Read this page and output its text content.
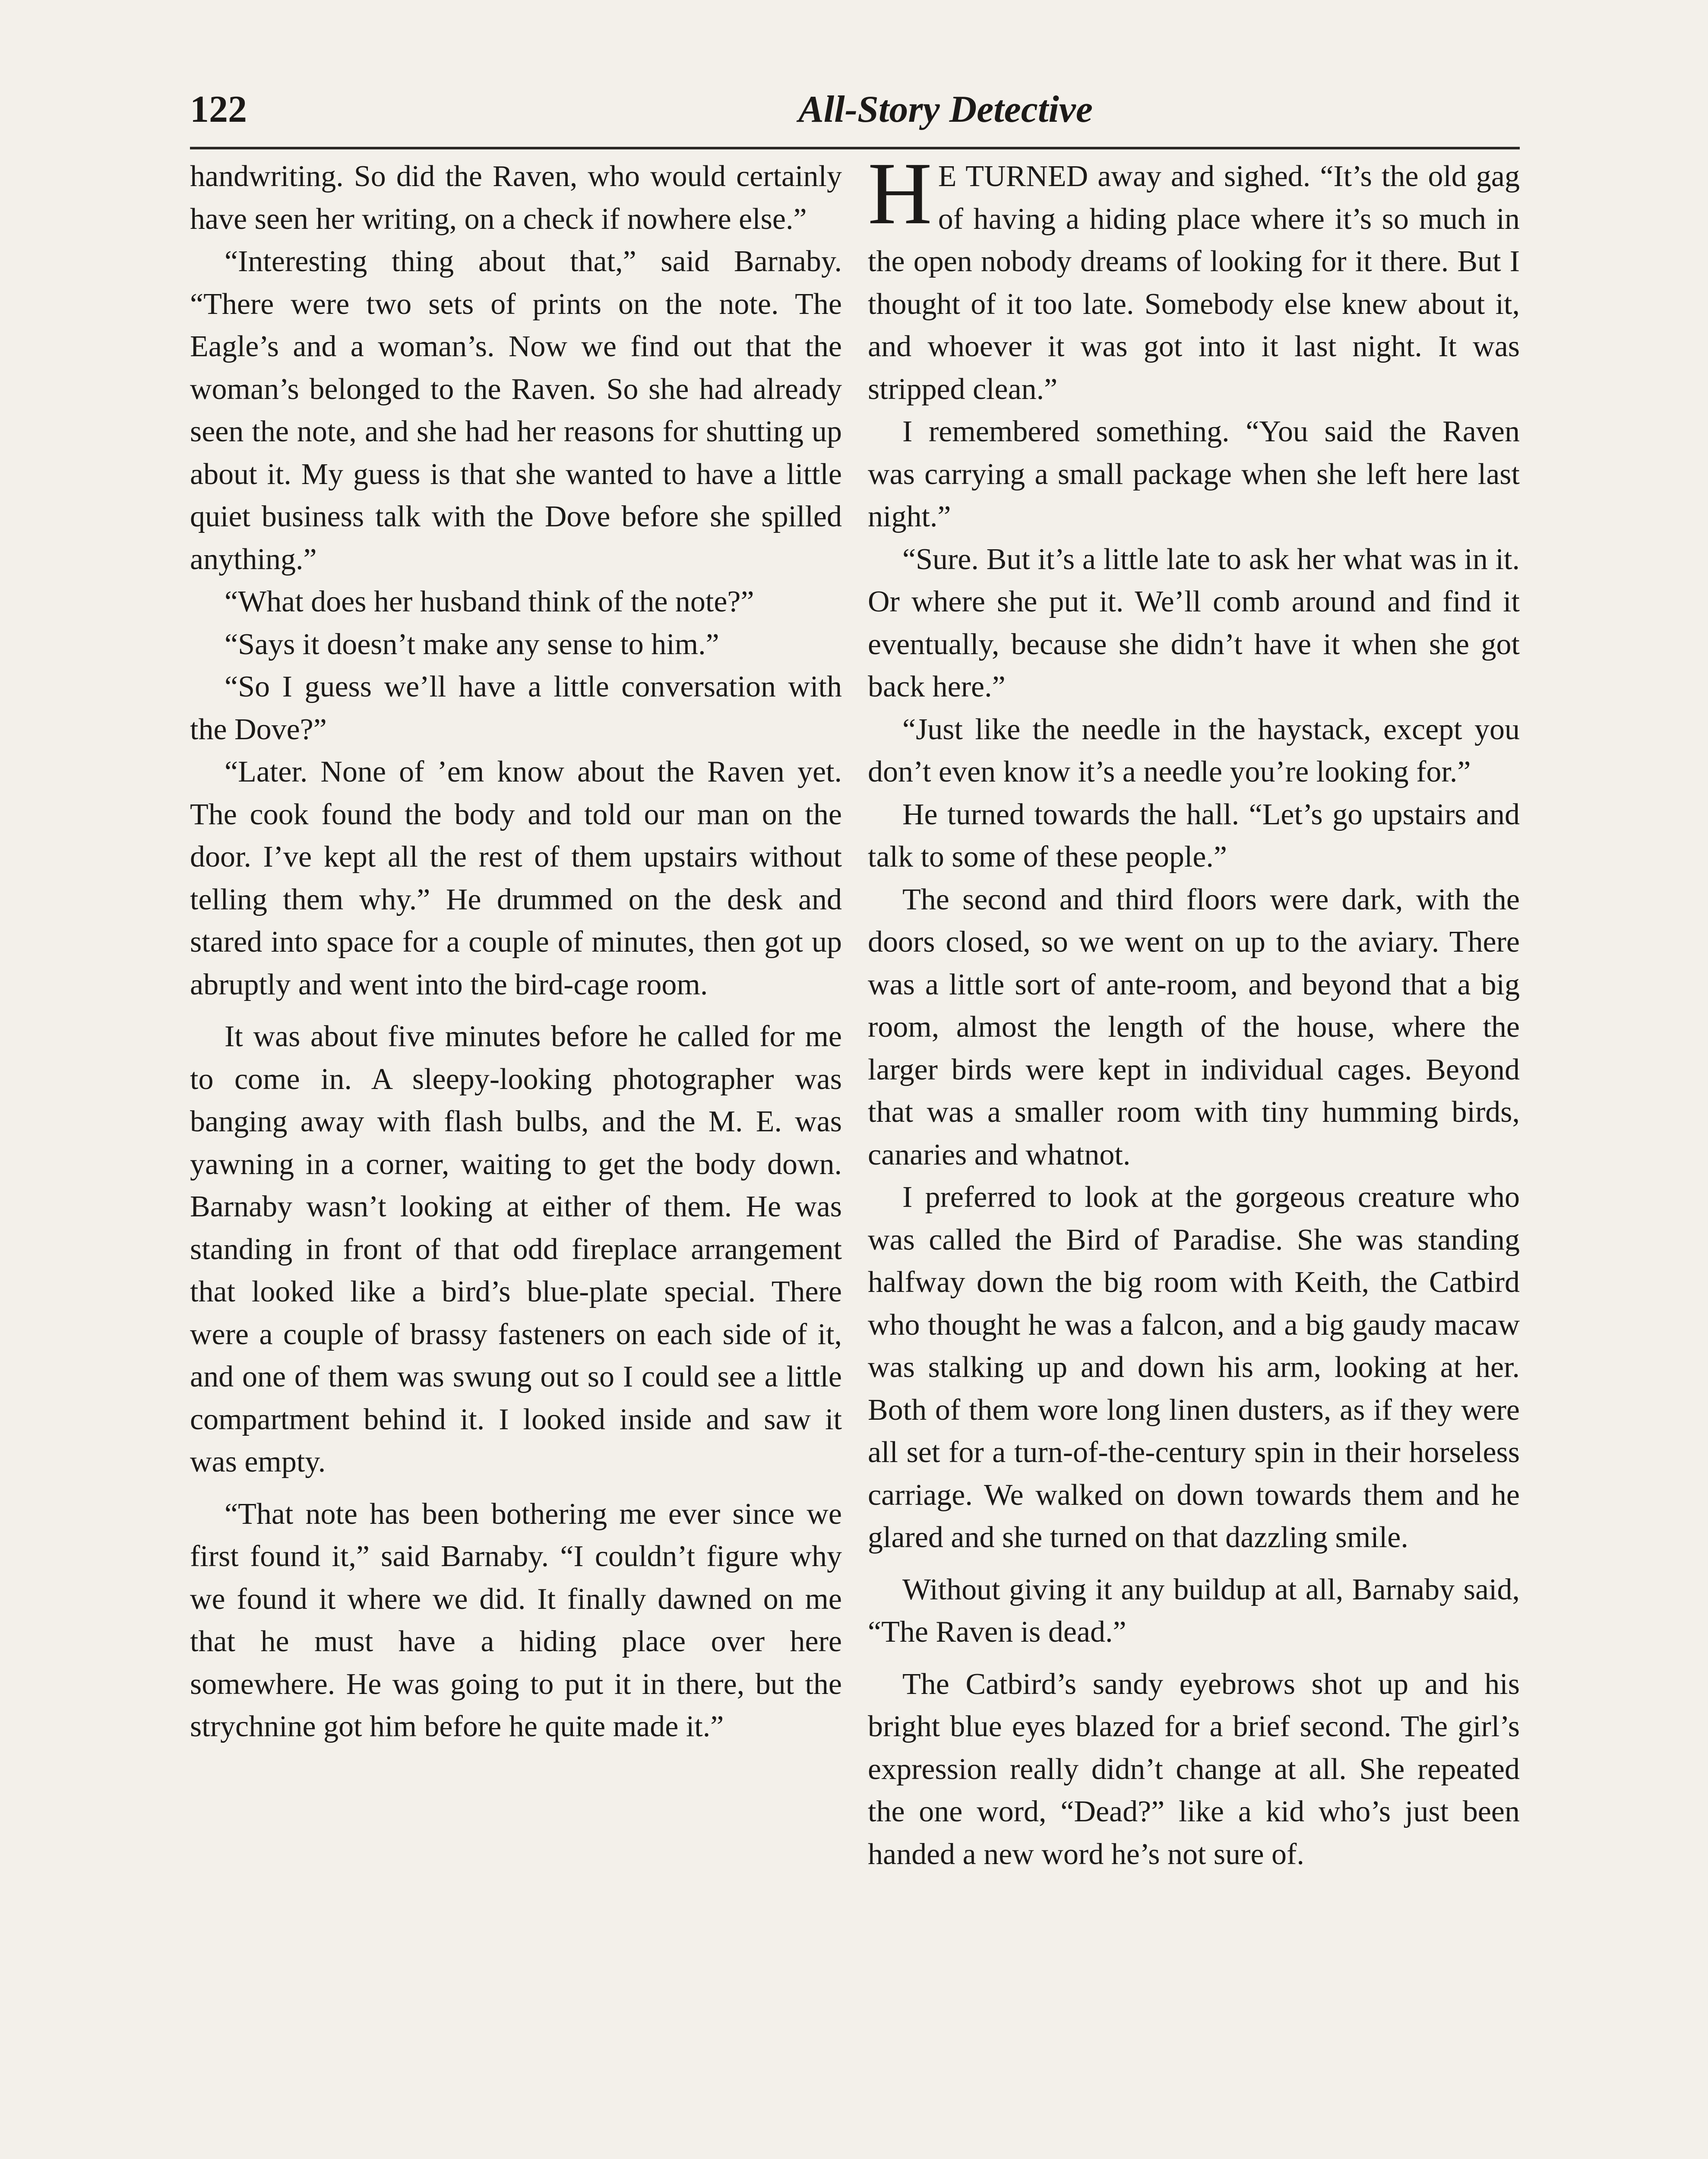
122	All-Story Detective

handwriting. So did the Raven, who would certainly have seen her writing, on a check if nowhere else.”

“Interesting thing about that,” said Barnaby. “There were two sets of prints on the note. The Eagle’s and a woman’s. Now we find out that the woman’s belonged to the Raven. So she had already seen the note, and she had her reasons for shutting up about it. My guess is that she wanted to have a little quiet business talk with the Dove before she spilled anything.”

“What does her husband think of the note?”

“Says it doesn’t make any sense to him.”

“So I guess we’ll have a little conversation with the Dove?”

“Later. None of ’em know about the Raven yet. The cook found the body and told our man on the door. I’ve kept all the rest of them upstairs without telling them why.” He drummed on the desk and stared into space for a couple of minutes, then got up abruptly and went into the bird-cage room.

It was about five minutes before he called for me to come in. A sleepy-looking photographer was banging away with flash bulbs, and the M. E. was yawning in a corner, waiting to get the body down. Barnaby wasn’t looking at either of them. He was standing in front of that odd fireplace arrangement that looked like a bird’s blue-plate special. There were a couple of brassy fasteners on each side of it, and one of them was swung out so I could see a little compartment behind it. I looked inside and saw it was empty.

“That note has been bothering me ever since we first found it,” said Barnaby. “I couldn’t figure why we found it where we did. It finally dawned on me that he must have a hiding place over here somewhere. He was going to put it in there, but the strychnine got him before he quite made it.”

H E TURNED away and sighed. “It’s the old gag of having a hiding place where it’s so much in the open nobody dreams of looking for it there. But I thought of it too late. Somebody else knew about it, and whoever it was got into it last night. It was stripped clean.”

I remembered something. “You said the Raven was carrying a small package when she left here last night.”

“Sure. But it’s a little late to ask her what was in it. Or where she put it. We’ll comb around and find it eventually, because she didn’t have it when she got back here.”

“Just like the needle in the haystack, except you don’t even know it’s a needle you’re looking for.”

He turned towards the hall. “Let’s go upstairs and talk to some of these people.”

The second and third floors were dark, with the doors closed, so we went on up to the aviary. There was a little sort of ante-room, and beyond that a big room, almost the length of the house, where the larger birds were kept in individual cages. Beyond that was a smaller room with tiny humming birds, canaries and whatnot.

I preferred to look at the gorgeous creature who was called the Bird of Paradise. She was standing halfway down the big room with Keith, the Catbird who thought he was a falcon, and a big gaudy macaw was stalking up and down his arm, looking at her. Both of them wore long linen dusters, as if they were all set for a turn-of-the-century spin in their horseless carriage. We walked on down towards them and he glared and she turned on that dazzling smile.

Without giving it any buildup at all, Barnaby said, “The Raven is dead.”

The Catbird’s sandy eyebrows shot up and his bright blue eyes blazed for a brief second. The girl’s expression really didn’t change at all. She repeated the one word, “Dead?” like a kid who’s just been handed a new word he’s not sure of.
